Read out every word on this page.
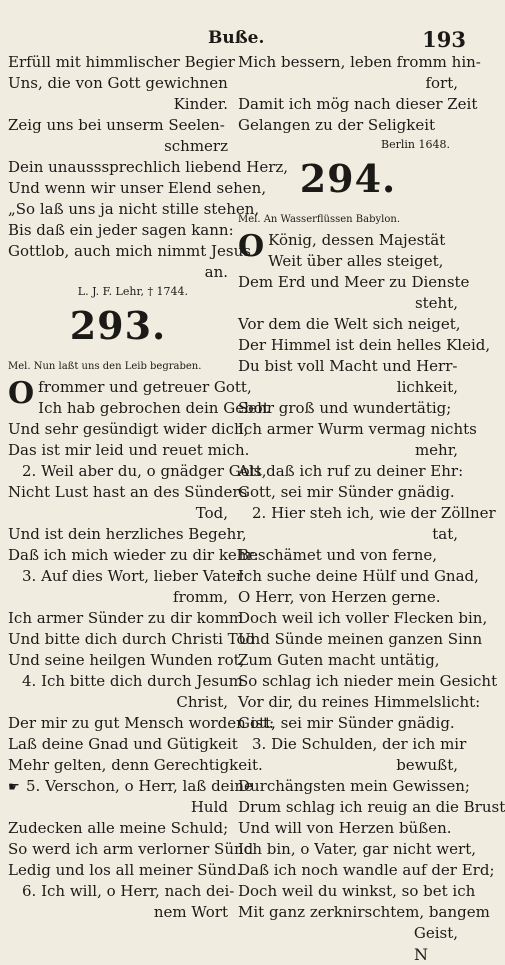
Buße.	193
Erfüll mit himmlischer Begier
Uns, die von Gott gewichnen
Kinder.
Zeig uns bei unserm Seelen-
schmerz
Dein unausssprechlich liebend Herz,
Und wenn wir unser Elend sehen,
„So laß uns ja nicht stille stehen,
Bis daß ein jeder sagen kann:
Gottlob, auch mich nimmt Jesus
an.
L. J. F. Lehr, † 1744.
293.
Mel. Nun laßt uns den Leib begraben.
O frommer und getreuer Gott,
Ich hab gebrochen dein Gebot
Und sehr gesündigt wider dich,
Das ist mir leid und reuet mich.
2. Weil aber du, o gnädger Gott,
Nicht Lust hast an des Sünders
Tod,
Und ist dein herzliches Begehr,
Daß ich mich wieder zu dir kehr:
3. Auf dies Wort, lieber Vater
fromm,
Ich armer Sünder zu dir komm
Und bitte dich durch Christi Tod
Und seine heilgen Wunden rot,
4. Ich bitte dich durch Jesum
Christ,
Der mir zu gut Mensch worden ist:
Laß deine Gnad und Gütigkeit
Mehr gelten, denn Gerechtigkeit.
☛ 5. Verschon, o Herr, laß deine
Huld
Zudecken alle meine Schuld;
So werd ich arm verlorner Sünd
Ledig und los all meiner Sünd.
6. Ich will, o Herr, nach dei-
nem Wort
Mich bessern, leben fromm hin-
fort,
Damit ich mög nach dieser Zeit
Gelangen zu der Seligkeit
Berlin 1648.
294.
Mel. An Wasserflüssen Babylon.
O König, dessen Majestät
Weit über alles steiget,
Dem Erd und Meer zu Dienste
steht,
Vor dem die Welt sich neiget,
Der Himmel ist dein helles Kleid,
Du bist voll Macht und Herr-
lichkeit,
Sehr groß und wundertätig;
Ich armer Wurm vermag nichts
mehr,
Als daß ich ruf zu deiner Ehr:
Gott, sei mir Sünder gnädig.
2. Hier steh ich, wie der Zöllner
tat,
Beschämet und von ferne,
Ich suche deine Hülf und Gnad,
O Herr, von Herzen gerne.
Doch weil ich voller Flecken bin,
Und Sünde meinen ganzen Sinn
Zum Guten macht untätig,
So schlag ich nieder mein Gesicht
Vor dir, du reines Himmelslicht:
Gott, sei mir Sünder gnädig.
3. Die Schulden, der ich mir
bewußt,
Durchängsten mein Gewissen;
Drum schlag ich reuig an die Brust
Und will von Herzen büßen.
Ich bin, o Vater, gar nicht wert,
Daß ich noch wandle auf der Erd;
Doch weil du winkst, so bet ich
Mit ganz zerknirschtem, bangem
Geist,
N
